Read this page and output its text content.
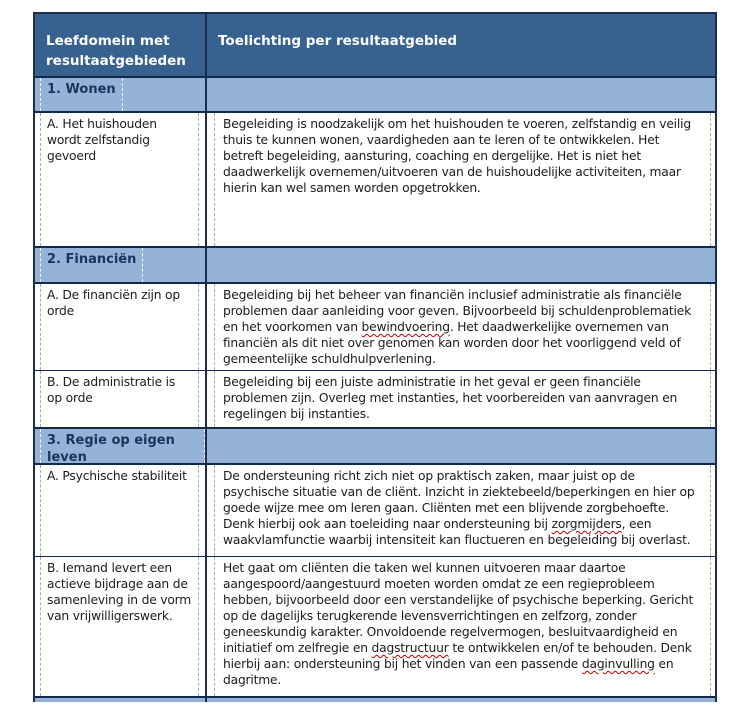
Leefdomein met resultaatgebieden
Toelichting per resultaatgebied
1. Wonen
A. Het huishouden wordt zelfstandig gevoerd
Begeleiding is noodzakelijk om het huishouden te voeren, zelfstandig en veilig thuis te kunnen wonen, vaardigheden aan te leren of te ontwikkelen. Het betreft begeleiding, aansturing, coaching en dergelijke. Het is niet het daadwerkelijk overnemen/uitvoeren van de huishoudelijke activiteiten, maar hierin kan wel samen worden opgetrokken.
2. Financiën
A. De financiën zijn op orde
Begeleiding bij het beheer van financiën inclusief administratie als financiële problemen daar aanleiding voor geven. Bijvoorbeeld bij schuldenproblematiek en het voorkomen van bewindvoering. Het daadwerkelijke overnemen van financiën als dit niet over genomen kan worden door het voorliggend veld of gemeentelijke schuldhulpverlening.
B. De administratie is op orde
Begeleiding bij een juiste administratie in het geval er geen financiële problemen zijn. Overleg met instanties, het voorbereiden van aanvragen en regelingen bij instanties.
3. Regie op eigen leven
A. Psychische stabiliteit	De ondersteuning richt zich niet op praktisch zaken, maar juist op de psychische situatie van de cliënt. Inzicht in ziektebeeld/beperkingen en hier op goede wijze mee om leren gaan. Cliënten met een blijvende zorgbehoefte. Denk hierbij ook aan toeleiding naar ondersteuning bij zorgmijders, een waakvlamfunctie waarbij intensiteit kan fluctueren en begeleiding bij overlast.
B. Iemand levert een actieve bijdrage aan de samenleving in de vorm van vrijwilligerswerk.
Het gaat om cliënten die taken wel kunnen uitvoeren maar daartoe aangespoord/aangestuurd moeten worden omdat ze een regieprobleem hebben, bijvoorbeeld door een verstandelijke of psychische beperking. Gericht op de dagelijks terugkerende levensverrichtingen en zelfzorg, zonder geneeskundig karakter. Onvoldoende regelvermogen, besluitvaardigheid en initiatief om zelfregie en dagstructuur te ontwikkelen en/of te behouden. Denk hierbij aan: ondersteuning bij het vinden van een passende daginvulling en dagritme.
